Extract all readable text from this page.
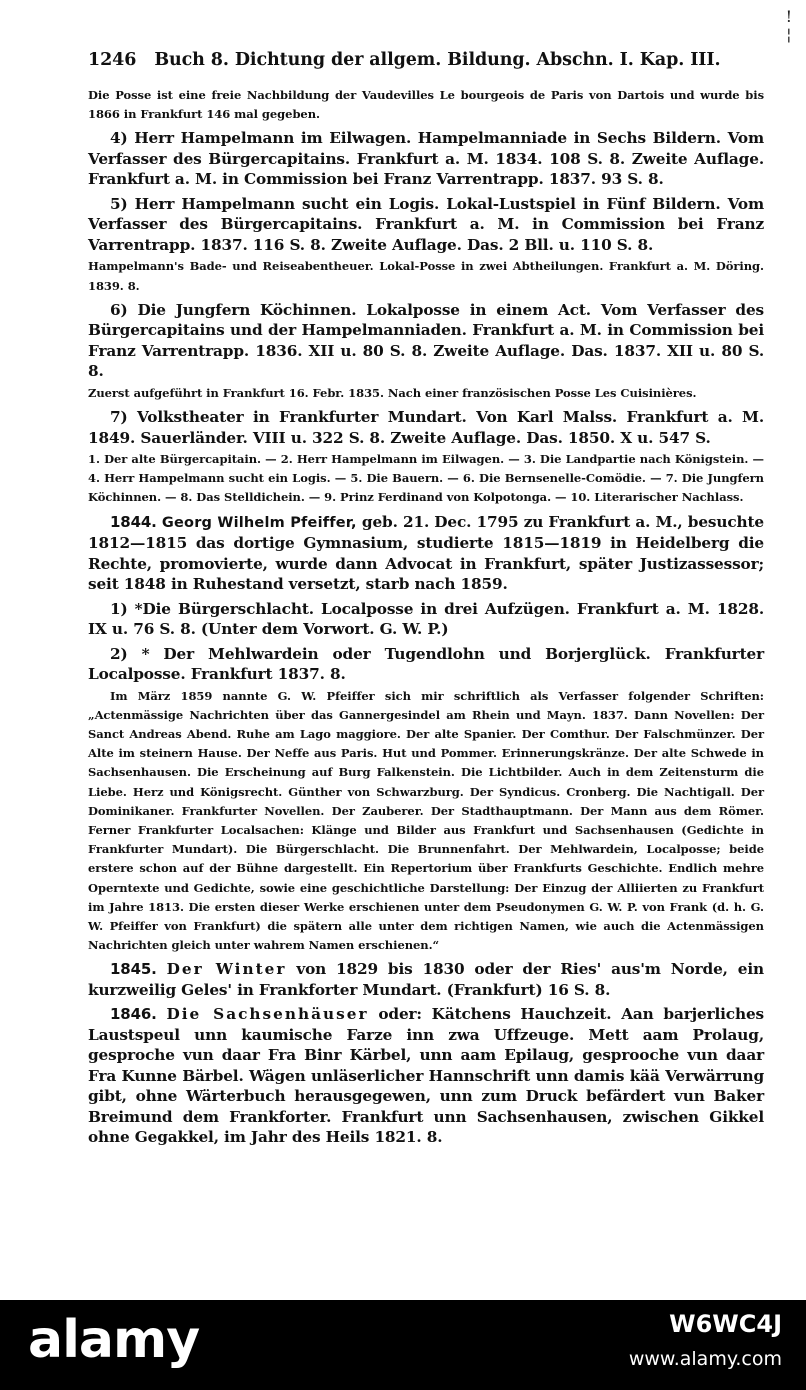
!
¦
1246 Buch 8. Dichtung der allgem. Bildung. Abschn. I. Kap. III.
Die Posse ist eine freie Nachbildung der Vaudevilles Le bourgeois de Paris von Dartois und wurde bis 1866 in Frankfurt 146 mal gegeben.
4) Herr Hampelmann im Eilwagen. Hampelmanniade in Sechs Bildern. Vom Verfasser des Bürgercapitains. Frankfurt a. M. 1834. 108 S. 8. Zweite Auflage. Frankfurt a. M. in Commission bei Franz Varrentrapp. 1837. 93 S. 8.
5) Herr Hampelmann sucht ein Logis. Lokal-Lustspiel in Fünf Bildern. Vom Verfasser des Bürgercapitains. Frankfurt a. M. in Commission bei Franz Varrentrapp. 1837. 116 S. 8. Zweite Auflage. Das. 2 Bll. u. 110 S. 8.
Hampelmann's Bade- und Reiseabentheuer. Lokal-Posse in zwei Abtheilungen. Frankfurt a. M. Döring. 1839. 8.
6) Die Jungfern Köchinnen. Lokalposse in einem Act. Vom Verfasser des Bürgercapitains und der Hampelmanniaden. Frankfurt a. M. in Commission bei Franz Varrentrapp. 1836. XII u. 80 S. 8. Zweite Auflage. Das. 1837. XII u. 80 S. 8.
Zuerst aufgeführt in Frankfurt 16. Febr. 1835. Nach einer französischen Posse Les Cuisinières.
7) Volkstheater in Frankfurter Mundart. Von Karl Malss. Frankfurt a. M. 1849. Sauerländer. VIII u. 322 S. 8. Zweite Auflage. Das. 1850. X u. 547 S.
1. Der alte Bürgercapitain. — 2. Herr Hampelmann im Eilwagen. — 3. Die Landpartie nach Königstein. — 4. Herr Hampelmann sucht ein Logis. — 5. Die Bauern. — 6. Die Bernsenelle-Comödie. — 7. Die Jungfern Köchinnen. — 8. Das Stelldichein. — 9. Prinz Ferdinand von Kolpotonga. — 10. Literarischer Nachlass.
1844. Georg Wilhelm Pfeiffer, geb. 21. Dec. 1795 zu Frankfurt a. M., besuchte 1812—1815 das dortige Gymnasium, studierte 1815—1819 in Heidelberg die Rechte, promovierte, wurde dann Advocat in Frankfurt, später Justizassessor; seit 1848 in Ruhestand versetzt, starb nach 1859.
1) *Die Bürgerschlacht. Localposse in drei Aufzügen. Frankfurt a. M. 1828. IX u. 76 S. 8. (Unter dem Vorwort. G. W. P.)
2) * Der Mehlwardein oder Tugendlohn und Borjerglück. Frankfurter Localposse. Frankfurt 1837. 8.
Im März 1859 nannte G. W. Pfeiffer sich mir schriftlich als Verfasser folgender Schriften: „Actenmässige Nachrichten über das Gannergesindel am Rhein und Mayn. 1837. Dann Novellen: Der Sanct Andreas Abend. Ruhe am Lago maggiore. Der alte Spanier. Der Comthur. Der Falschmünzer. Der Alte im steinern Hause. Der Neffe aus Paris. Hut und Pommer. Erinnerungskränze. Der alte Schwede in Sachsenhausen. Die Erscheinung auf Burg Falkenstein. Die Lichtbilder. Auch in dem Zeitensturm die Liebe. Herz und Königsrecht. Günther von Schwarzburg. Der Syndicus. Cronberg. Die Nachtigall. Der Dominikaner. Frankfurter Novellen. Der Zauberer. Der Stadthauptmann. Der Mann aus dem Römer. Ferner Frankfurter Localsachen: Klänge und Bilder aus Frankfurt und Sachsenhausen (Gedichte in Frankfurter Mundart). Die Bürgerschlacht. Die Brunnenfahrt. Der Mehlwardein, Localposse; beide erstere schon auf der Bühne dargestellt. Ein Repertorium über Frankfurts Geschichte. Endlich mehre Operntexte und Gedichte, sowie eine geschichtliche Darstellung: Der Einzug der Alliierten zu Frankfurt im Jahre 1813. Die ersten dieser Werke erschienen unter dem Pseudonymen G. W. P. von Frank (d. h. G. W. Pfeiffer von Frankfurt) die spätern alle unter dem richtigen Namen, wie auch die Actenmässigen Nachrichten gleich unter wahrem Namen erschienen.“
1845. Der Winter von 1829 bis 1830 oder der Ries' aus'm Norde, ein kurzweilig Geles' in Frankforter Mundart. (Frankfurt) 16 S. 8.
1846. Die Sachsenhäuser oder: Kätchens Hauchzeit. Aan barjerliches Laustspeul unn kaumische Farze inn zwa Uffzeuge. Mett aam Prolaug, gesproche vun daar Fra Binr Kärbel, unn aam Epilaug, gesprooche vun daar Fra Kunne Bärbel. Wägen unläserlicher Hannschrift unn damis kää Verwärrung gibt, ohne Wärterbuch herausgegewen, unn zum Druck befärdert vun Baker Breimund dem Frankforter. Frankfurt unn Sachsenhausen, zwischen Gikkel ohne Gegakkel, im Jahr des Heils 1821. 8.
alamy	W6WC4J
www.alamy.com
